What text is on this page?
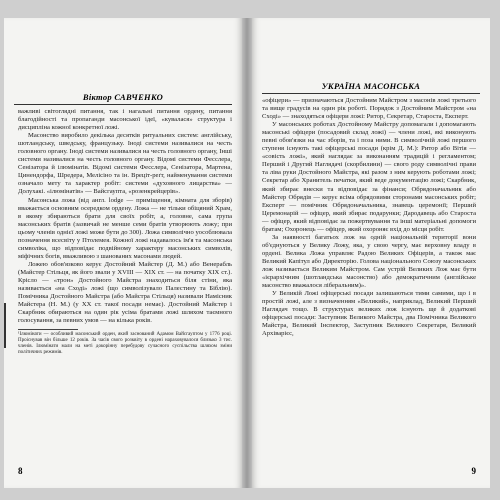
Віктор САВЧЕНКО

важливі світоглядні питання, так і нагальні питання ордену, питання благодійності та пропаганди масонської ідеї, «кувалася» структура і дисципліна кожної конкретної ложі.

Масонство виробило декілька десятків ритуальних систем: англійську, шотландську, шведську, французьку. Іноді системи називалися на честь головного органу. Іноді системи називалися на честь головного органу, Інші системи називалися на честь головного органу. Відомі системи Фесслера, Сенізатора й ілюмінатів. Відомі системи Фесслера, Сенізатора, Мартена, Цинендорфа, Шредера, Мелісіно та ін. Вреціт-реґт, найменування системи означало мету та характер робіт: системи «духовного лицарства» — Долухакі. «ілюмінатів» — Вайсгаупта, «розенкрейцерів».

Масонська ложа (від англ. lodge — приміщення, кімната для зборів) вважається основним осередком ордену. Ложа — не тільки обіцяний Храм, в якому збираються брати для своїх робіт, а, головне, сама група масонських братів (зазвичай не менше семи братів утворюють ложу; при цьому членів однієї ложі може бути до 300). Ложа символічно уособлювала позначення всесвіту у Птолемея. Кожної ложі надавалось ім'я та масонська символіка, що відповідає подвійному характеру масонських символів, міфічних богів, вважливою з шанованих масонами людей.

Ложею обов'язково керує Достойний Майстер (Д. М.) або Венерабль (Майстер Стільця, як його звали у XVIII — XIX ст. — на початку XIX ст.). Крісло — «трон» Достойного Майстра знаходиться біля стіни, яка називається «на Сході» ложі (що символізувало Палестину та Біблію). Помічника Достойного Майстра (або Майстра Стільця) називали Намісник Майстера (Н. М.) (у XX ст. такої посади немає). Достойний Майстер і Скарбник обираються на один рік усіма братами ложі шляхом таємного голосування, за певних умов — на кілька років.

¹Ілюмінати — особливий масонський орден, який заснований Адамом Вайсгауптом у 1776 році. Проіснував він більше 12 років. За часів свого розквіту в ордені нараховувалося близько 3 тис. членів. Ілюмінати мали на меті докорінну перебудову сучасного суспільства шляхом зміни політичних режимів.
8
УКРАЇНА МАСОНСЬКА

«офіцери» — призначаються Достойним Майстром з масонів ложі третього та вище градусів на один рік роботі. Порядок з Достойним Майстром «на Сході» — знаходяться офіцери ложі: Ритор, Секретар, Староста, Експерт.

У масонських роботах Достойному Майстру допомагали і допомагають масонські офіцери (посадовий склад ложі) — члени ложі, які виконують певні обов'язки на час зборів, та і поза ними. В символічній ложі першого ступеня існують такі офіцерські посади (крім Д. М.): Ритор або Вітія — «совість ложі», який наглядає за виконанням традицій і регламентом; Перший і Другий Наглядачі (скорбилини) — свого роду символічні прави та ліва руки Достойного Майстра, які разом з ним керують роботами ложі; Секретар або Хранитель печатки, який веде документацію ложі; Скарбник, який збирає внески та відповідає за фінанси; Обрядоначальник або Майстер Обрядів — керує всіма обрядовими сторонами масонських робіт; Експерт — помічник Обрядоначальника, знавець церемонії; Перший Церемонарій — офіцер, який збирає подарунки; Дародавець або Староста — офіцер, який відповідає за пожертвування та інші матеріальні допомоги братам; Охоронець — офіцер, який охороняє вхід до місця робіт.

За наявності багатьох лож на одній національній території вони об'єднуються у Велику Ложу, яка, у свою чергу, має верховну владу в ордені. Велика Ложа управляє Радою Великих Офіцерів, а також має Великий Капітул або Директорію. Голова національного Союзу масонських лож називається Великим Майстром. Сам устрій Великих Лож має бути «ієрархічним (шотландська масонство) або демократичним (англійське масонство вважалося ліберальним)».

У Великій Ложі офіцерські посади залишаються тими самими, що і в простій ложі, але з визначенням «Великий», наприклад, Великий Перший Наглядач тощо. В структурах великих лож існують ще й додаткові офіцерські посади: Заступник Великого Майстра, два Помічника Великого Майстра, Великий Інспектор, Заступник Великого Секретаря, Великий Архіварієс,

9
